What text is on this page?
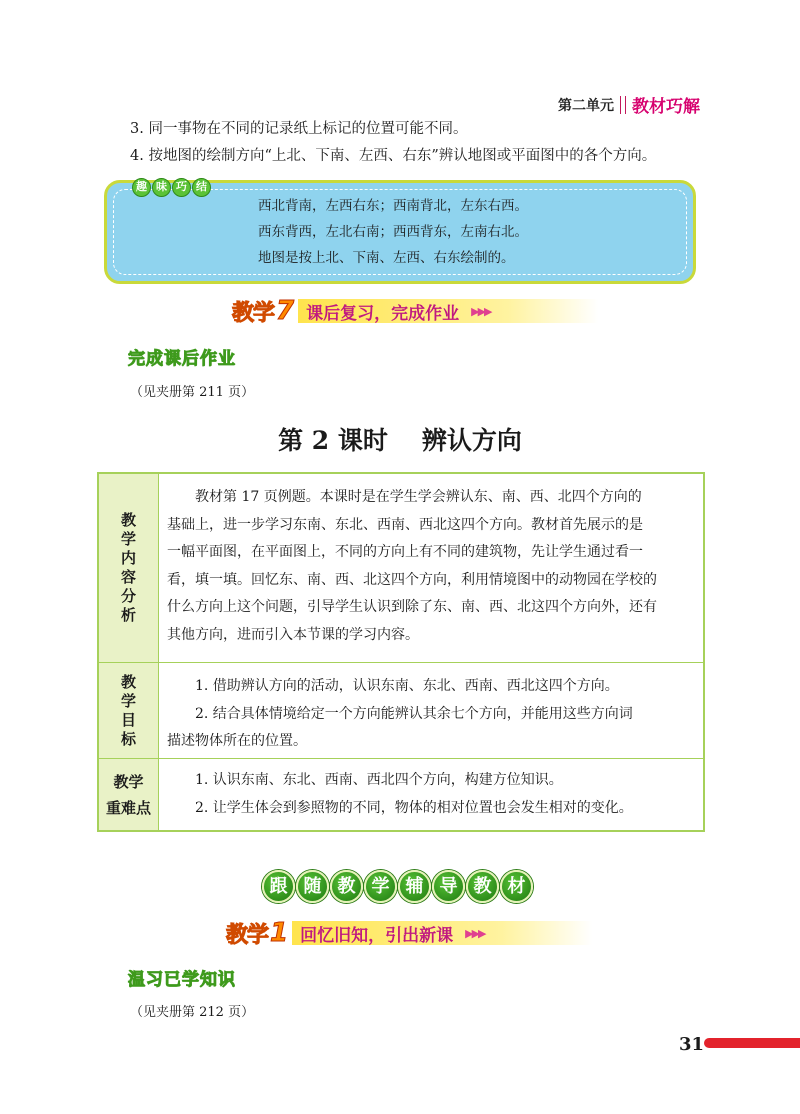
第二单元 教材巧解
3. 同一事物在不同的记录纸上标记的位置可能不同。
4. 按地图的绘制方向“上北、下南、左西、右东”辨认地图或平面图中的各个方向。
趣 味 巧 结
西北背南，左西右东；西南背北，左东右西。
西东背西，左北右南；西西背东，左南右北。
地图是按上北、下南、左西、右东绘制的。
教学 7 课后复习，完成作业 ▶▶▶
完成课后作业
（见夹册第 211 页）
第 2 课时 辨认方向
教学内容分析
教材第 17 页例题。本课时是在学生学会辨认东、南、西、北四个方向的
基础上，进一步学习东南、东北、西南、西北这四个方向。教材首先展示的是
一幅平面图，在平面图上，不同的方向上有不同的建筑物，先让学生通过看一
看，填一填。回忆东、南、西、北这四个方向，利用情境图中的动物园在学校的
什么方向上这个问题，引导学生认识到除了东、南、西、北这四个方向外，还有
其他方向，进而引入本节课的学习内容。
教学目标
1. 借助辨认方向的活动，认识东南、东北、西南、西北这四个方向。
2. 结合具体情境给定一个方向能辨认其余七个方向，并能用这些方向词
描述物体所在的位置。
教学
重难点
1. 认识东南、东北、西南、西北四个方向，构建方位知识。
2. 让学生体会到参照物的不同，物体的相对位置也会发生相对的变化。
跟 随 教 学 辅 导 教 材
教学 1 回忆旧知，引出新课 ▶▶▶
温习已学知识
（见夹册第 212 页）
31
